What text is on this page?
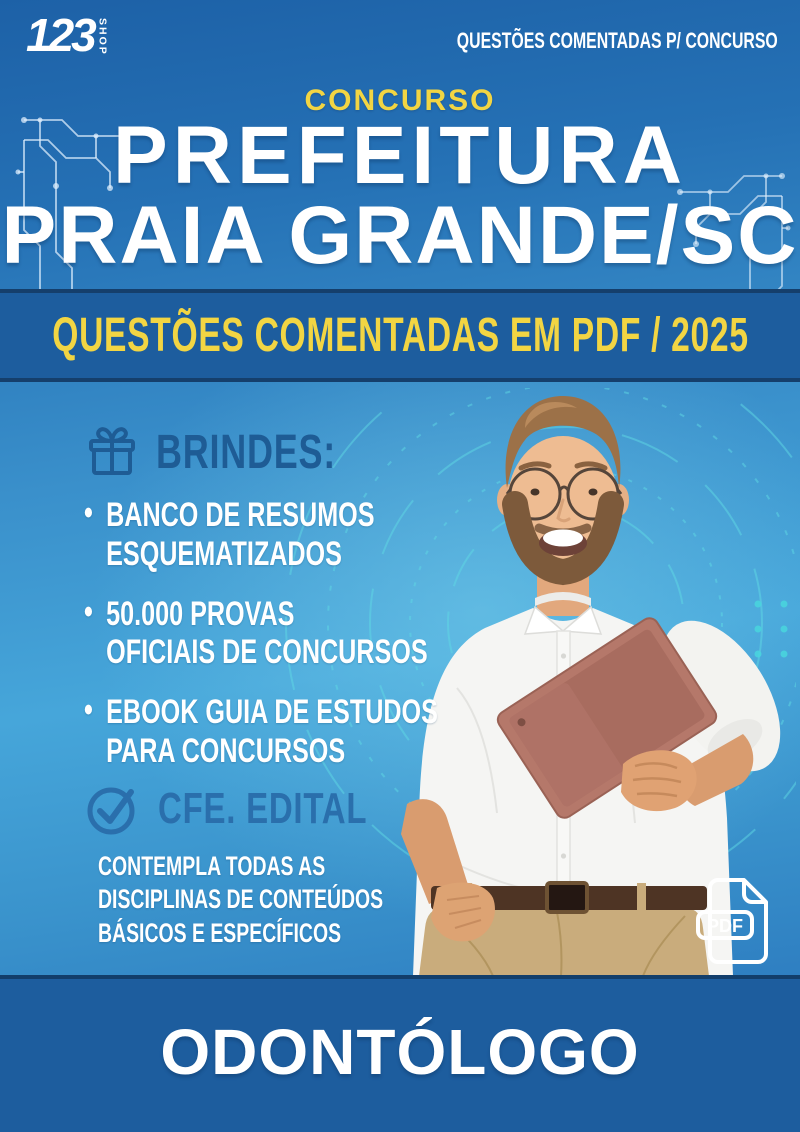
123 SHOP	QUESTÕES COMENTADAS P/ CONCURSO
CONCURSO
PREFEITURA
PRAIA GRANDE/SC
QUESTÕES COMENTADAS EM PDF / 2025
BRINDES:
• BANCO DE RESUMOS
ESQUEMATIZADOS
• 50.000 PROVAS
OFICIAIS DE CONCURSOS
• EBOOK GUIA DE ESTUDOS
PARA CONCURSOS
CFE. EDITAL
CONTEMPLA TODAS AS
DISCIPLINAS DE CONTEÚDOS
BÁSICOS E ESPECÍFICOS	PDF
ODONTÓLOGO
